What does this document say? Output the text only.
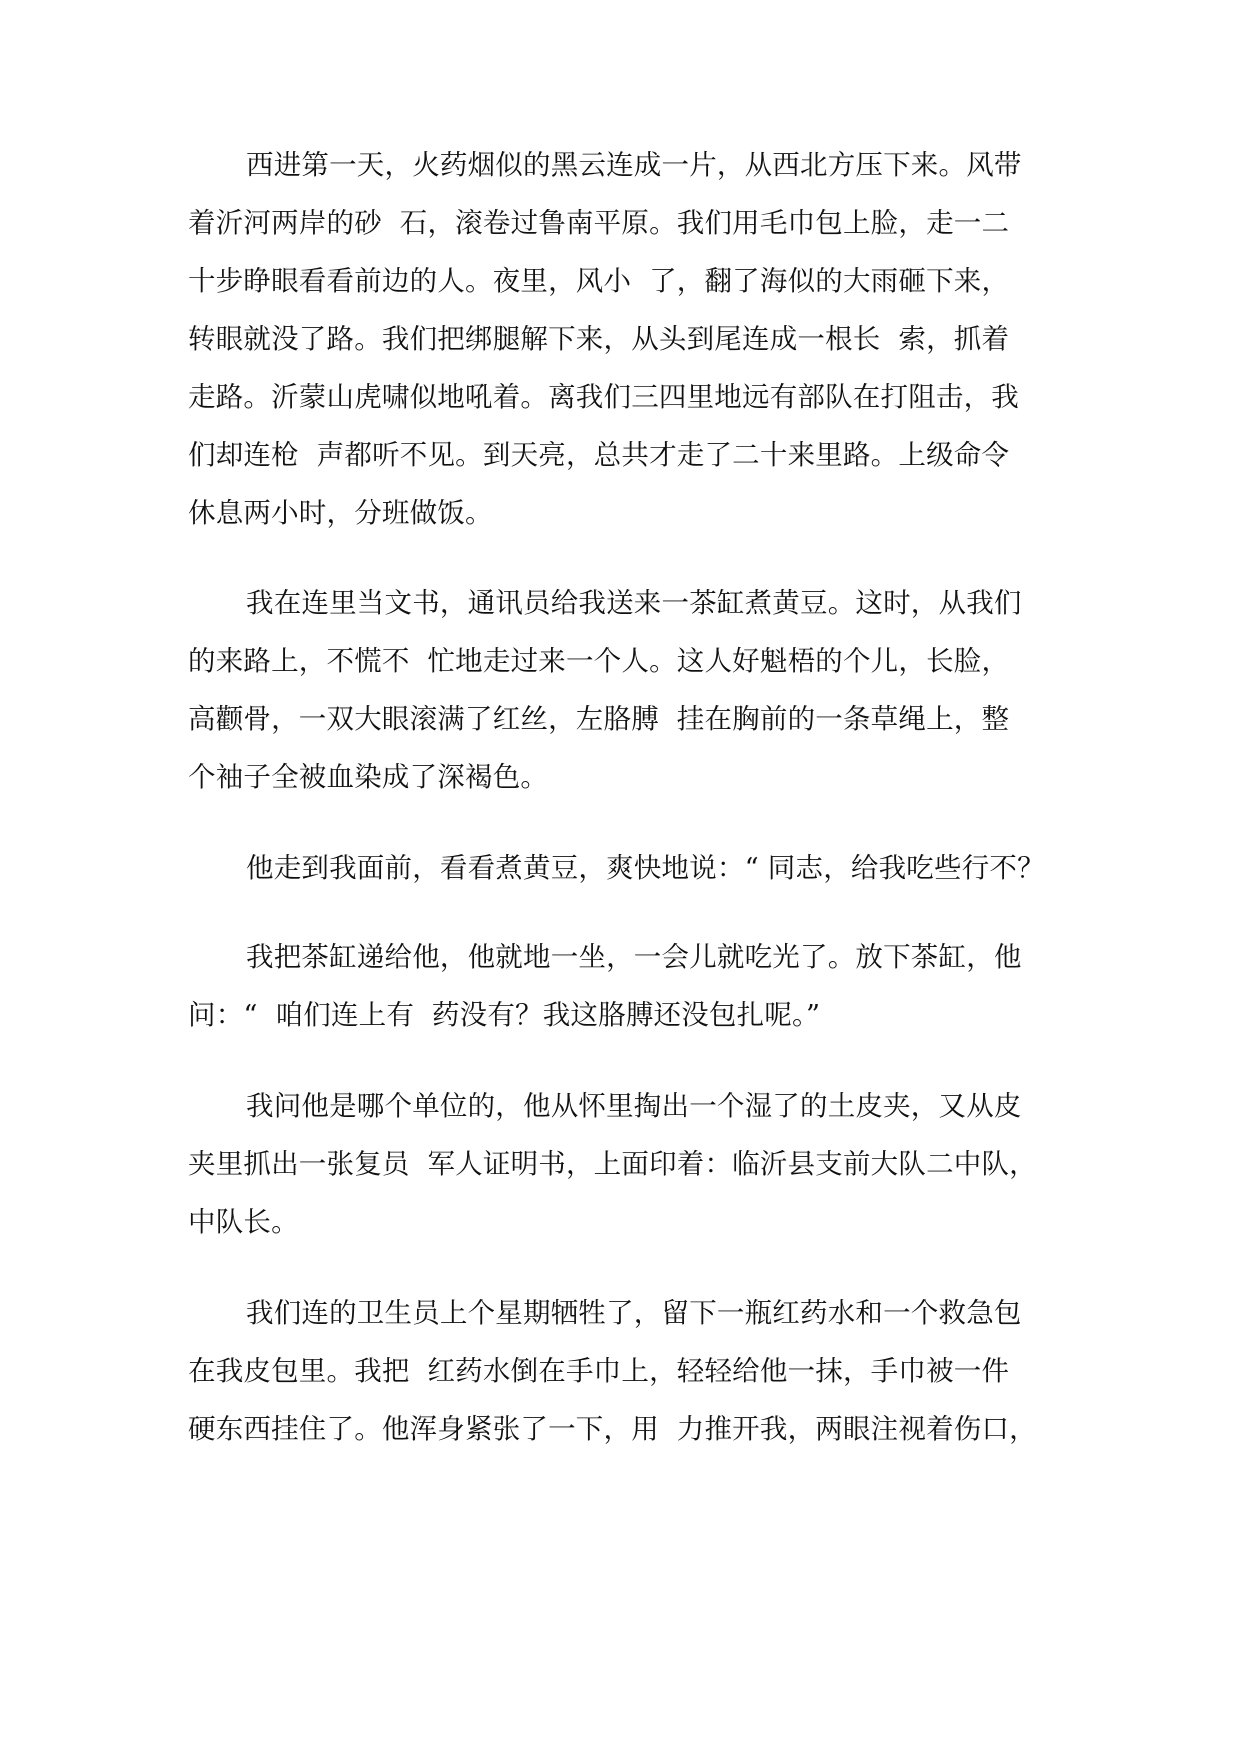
西进第一天，火药烟似的黑云连成一片，从西北方压下来。风带

着沂河两岸的砂  石，滚卷过鲁南平原。我们用毛巾包上脸，走一二

十步睁眼看看前边的人。夜里，风小  了，翻了海似的大雨砸下来，

转眼就没了路。我们把绑腿解下来，从头到尾连成一根长  索，抓着

走路。沂蒙山虎啸似地吼着。离我们三四里地远有部队在打阻击，我

们却连枪  声都听不见。到天亮，总共才走了二十来里路。上级命令

休息两小时，分班做饭。

我在连里当文书，通讯员给我送来一茶缸煮黄豆。这时，从我们

的来路上，不慌不  忙地走过来一个人。这人好魁梧的个儿，长脸，

高颧骨，一双大眼滚满了红丝，左胳膊  挂在胸前的一条草绳上，整

个袖子全被血染成了深褐色。

他走到我面前，看看煮黄豆，爽快地说：“ 同志，给我吃些行不？

我把茶缸递给他，他就地一坐，一会儿就吃光了。放下茶缸，他

问：“  咱们连上有  药没有？我这胳膊还没包扎呢。”

我问他是哪个单位的，他从怀里掏出一个湿了的土皮夹，又从皮

夹里抓出一张复员  军人证明书，上面印着：临沂县支前大队二中队，

中队长。

我们连的卫生员上个星期牺牲了，留下一瓶红药水和一个救急包

在我皮包里。我把  红药水倒在手巾上，轻轻给他一抹，手巾被一件

硬东西挂住了。他浑身紧张了一下，用  力推开我，两眼注视着伤口，
